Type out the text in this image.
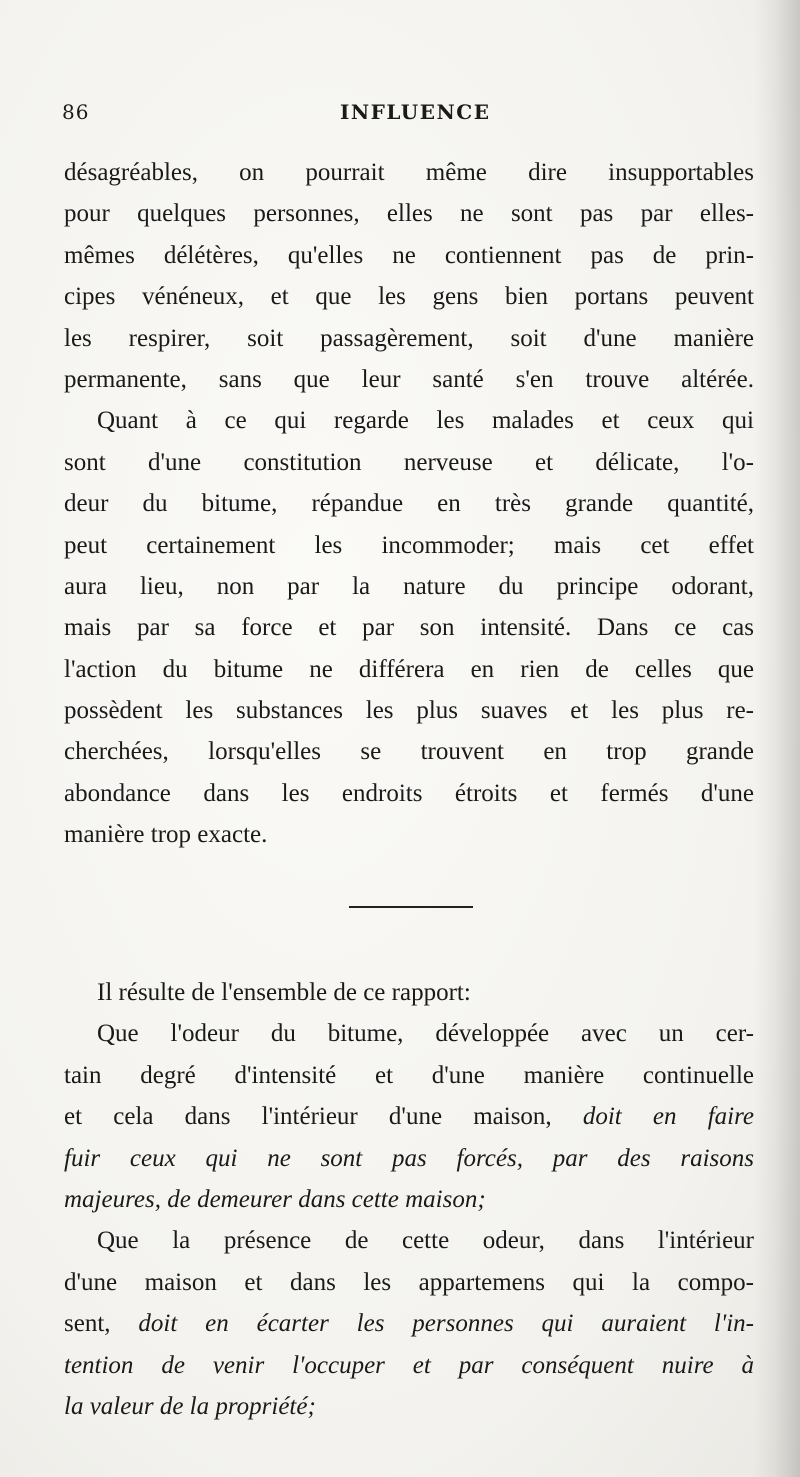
86	INFLUENCE
désagréables, on pourrait même dire insupportables
pour quelques personnes, elles ne sont pas par elles-
mêmes délétères, qu'elles ne contiennent pas de prin-
cipes vénéneux, et que les gens bien portans peuvent
les respirer, soit passagèrement, soit d'une manière
permanente, sans que leur santé s'en trouve altérée.
Quant à ce qui regarde les malades et ceux qui
sont d'une constitution nerveuse et délicate, l'o-
deur du bitume, répandue en très grande quantité,
peut certainement les incommoder; mais cet effet
aura lieu, non par la nature du principe odorant,
mais par sa force et par son intensité. Dans ce cas
l'action du bitume ne différera en rien de celles que
possèdent les substances les plus suaves et les plus re-
cherchées, lorsqu'elles se trouvent en trop grande
abondance dans les endroits étroits et fermés d'une
manière trop exacte.
Il résulte de l'ensemble de ce rapport:
Que l'odeur du bitume, développée avec un cer-
tain degré d'intensité et d'une manière continuelle
et cela dans l'intérieur d'une maison, doit en faire
fuir ceux qui ne sont pas forcés, par des raisons
majeures, de demeurer dans cette maison;
Que la présence de cette odeur, dans l'intérieur
d'une maison et dans les appartemens qui la compo-
sent, doit en écarter les personnes qui auraient l'in-
tention de venir l'occuper et par conséquent nuire à
la valeur de la propriété;
